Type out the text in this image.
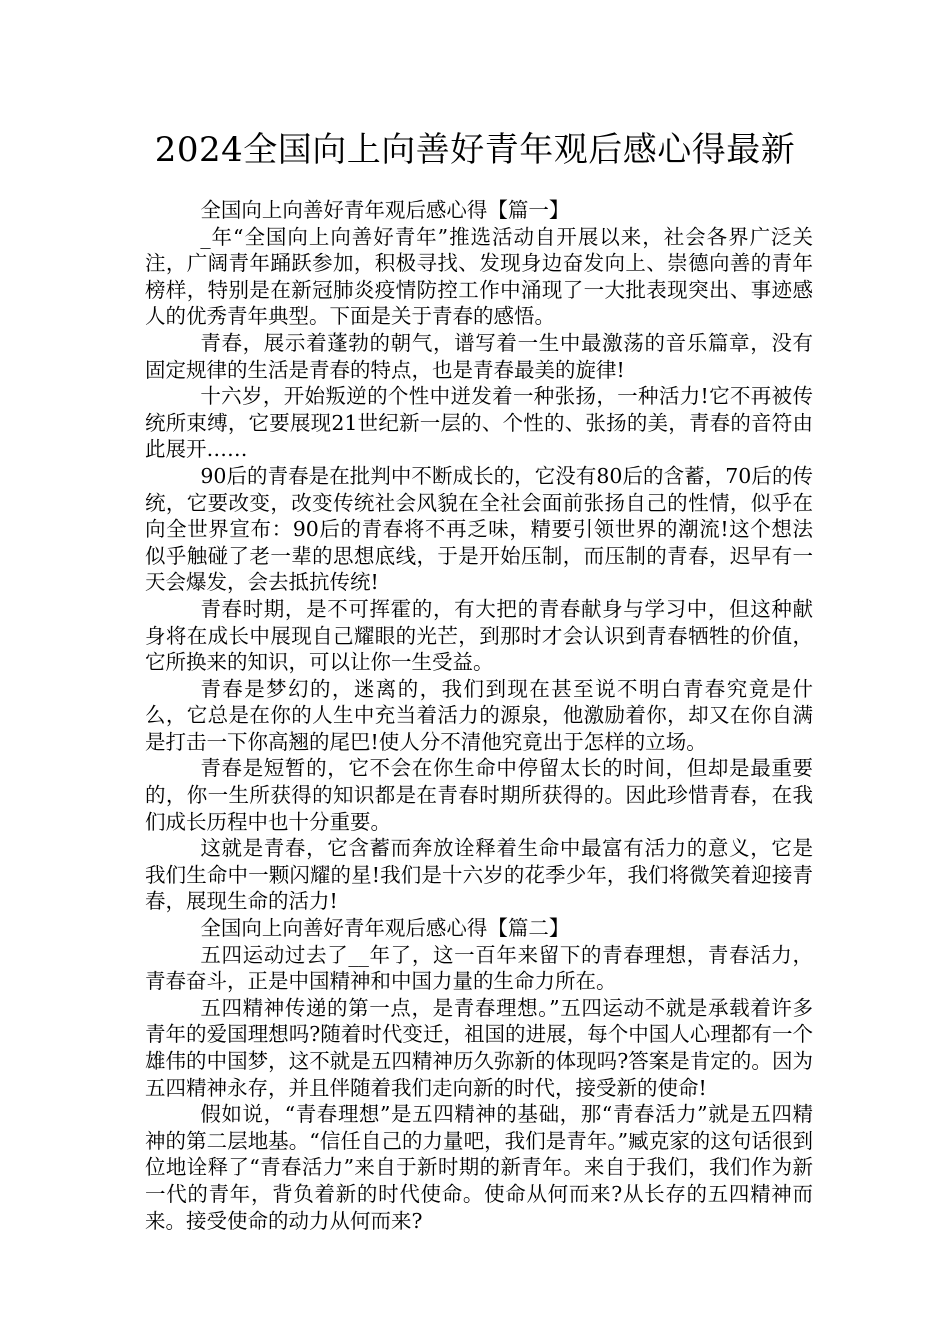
2024全国向上向善好青年观后感心得最新

全国向上向善好青年观后感心得【篇一】

_年“全国向上向善好青年”推选活动自开展以来，社会各界广泛关注，广阔青年踊跃参加，积极寻找、发现身边奋发向上、崇德向善的青年榜样，特别是在新冠肺炎疫情防控工作中涌现了一大批表现突出、事迹感人的优秀青年典型。下面是关于青春的感悟。

青春，展示着蓬勃的朝气，谱写着一生中最激荡的音乐篇章，没有固定规律的生活是青春的特点，也是青春最美的旋律!

十六岁，开始叛逆的个性中迸发着一种张扬，一种活力!它不再被传统所束缚，它要展现21世纪新一层的、个性的、张扬的美，青春的音符由此展开……

90后的青春是在批判中不断成长的，它没有80后的含蓄，70后的传统，它要改变，改变传统社会风貌在全社会面前张扬自己的性情，似乎在向全世界宣布：90后的青春将不再乏味，精要引领世界的潮流!这个想法似乎触碰了老一辈的思想底线，于是开始压制，而压制的青春，迟早有一天会爆发，会去抵抗传统!

青春时期，是不可挥霍的，有大把的青春献身与学习中，但这种献身将在成长中展现自己耀眼的光芒，到那时才会认识到青春牺牲的价值，它所换来的知识，可以让你一生受益。

青春是梦幻的，迷离的，我们到现在甚至说不明白青春究竟是什么，它总是在你的人生中充当着活力的源泉，他激励着你，却又在你自满是打击一下你高翘的尾巴!使人分不清他究竟出于怎样的立场。

青春是短暂的，它不会在你生命中停留太长的时间，但却是最重要的，你一生所获得的知识都是在青春时期所获得的。因此珍惜青春，在我们成长历程中也十分重要。

这就是青春，它含蓄而奔放诠释着生命中最富有活力的意义，它是我们生命中一颗闪耀的星!我们是十六岁的花季少年，我们将微笑着迎接青春，展现生命的活力!

全国向上向善好青年观后感心得【篇二】

五四运动过去了__年了，这一百年来留下的青春理想，青春活力，青春奋斗，正是中国精神和中国力量的生命力所在。

五四精神传递的第一点，是青春理想。”五四运动不就是承载着许多青年的爱国理想吗?随着时代变迁，祖国的进展，每个中国人心理都有一个雄伟的中国梦，这不就是五四精神历久弥新的体现吗?答案是肯定的。因为五四精神永存，并且伴随着我们走向新的时代，接受新的使命!

假如说，“青春理想”是五四精神的基础，那“青春活力”就是五四精神的第二层地基。“信任自己的力量吧，我们是青年。”臧克家的这句话很到位地诠释了“青春活力”来自于新时期的新青年。来自于我们，我们作为新一代的青年，背负着新的时代使命。使命从何而来?从长存的五四精神而来。接受使命的动力从何而来?
